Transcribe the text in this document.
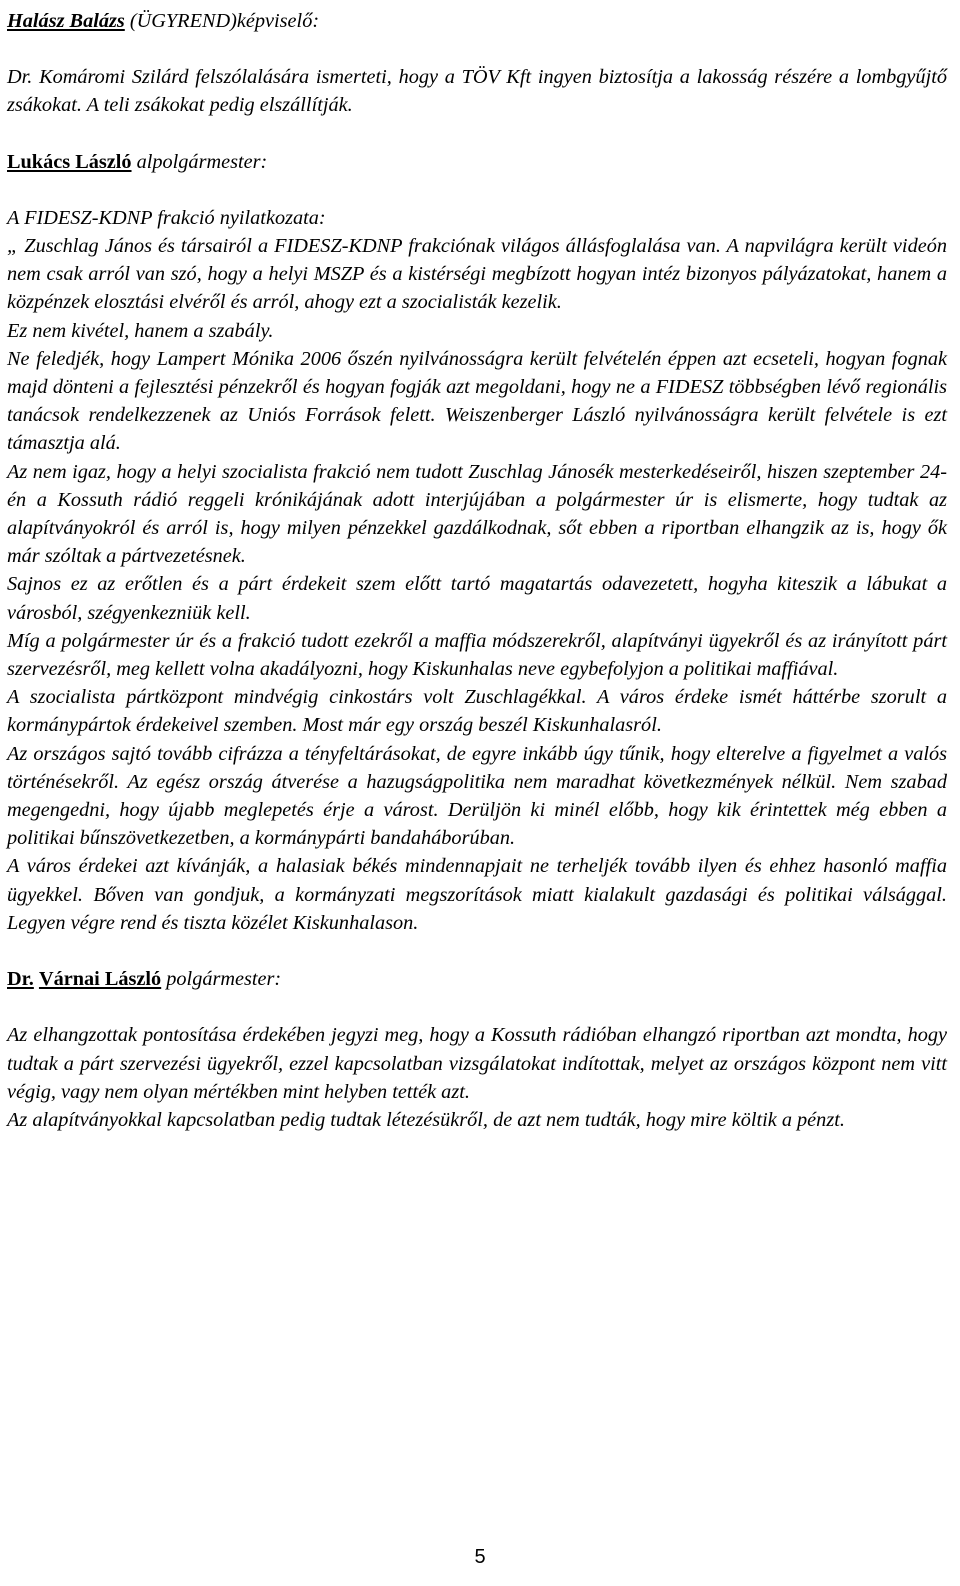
Halász Balázs (ÜGYREND)képviselő:

Dr. Komáromi Szilárd felszólalására ismerteti, hogy a TÖV Kft ingyen biztosítja a lakosság részére a lombgyűjtő zsákokat. A teli zsákokat pedig elszállítják.

Lukács László alpolgármester:

A FIDESZ-KDNP frakció nyilatkozata:

„ Zuschlag János és társairól a FIDESZ-KDNP frakciónak világos állásfoglalása van. A napvilágra került videón nem csak arról van szó, hogy a helyi MSZP és a kistérségi megbízott hogyan intéz bizonyos pályázatokat, hanem a közpénzek elosztási elvéről és arról, ahogy ezt a szocialisták kezelik.

Ez nem kivétel, hanem a szabály.

Ne feledjék, hogy Lampert Mónika 2006 őszén nyilvánosságra került felvételén éppen azt ecseteli, hogyan fognak majd dönteni a fejlesztési pénzekről és hogyan fogják azt megoldani, hogy ne a FIDESZ többségben lévő regionális tanácsok rendelkezzenek az Uniós Források felett. Weiszenberger László nyilvánosságra került felvétele is ezt támasztja alá.

Az nem igaz, hogy a helyi szocialista frakció nem tudott Zuschlag Jánosék mesterkedéseiről, hiszen szeptember 24-én a Kossuth rádió reggeli krónikájának adott interjújában a polgármester úr is elismerte, hogy tudtak az alapítványokról és arról is, hogy milyen pénzekkel gazdálkodnak, sőt ebben a riportban elhangzik az is, hogy ők már szóltak a pártvezetésnek.

Sajnos ez az erőtlen és a párt érdekeit szem előtt tartó magatartás odavezetett, hogyha kiteszik a lábukat a városból, szégyenkezniük kell.

Míg a polgármester úr és a frakció tudott ezekről a maffia módszerekről, alapítványi ügyekről és az irányított párt szervezésről, meg kellett volna akadályozni, hogy Kiskunhalas neve egybefolyjon a politikai maffiával.

A szocialista pártközpont mindvégig cinkostárs volt Zuschlagékkal. A város érdeke ismét háttérbe szorult a kormánypártok érdekeivel szemben. Most már egy ország beszél Kiskunhalasról.

Az országos sajtó tovább cifrázza a tényfeltárásokat, de egyre inkább úgy tűnik, hogy elterelve a figyelmet a valós történésekről. Az egész ország átverése a hazugságpolitika nem maradhat következmények nélkül. Nem szabad megengedni, hogy újabb meglepetés érje a várost. Derüljön ki minél előbb, hogy kik érintettek még ebben a politikai bűnszövetkezetben, a kormánypárti bandaháborúban.

A város érdekei azt kívánják, a halasiak békés mindennapjait ne terheljék tovább ilyen és ehhez hasonló maffia ügyekkel. Bőven van gondjuk, a kormányzati megszorítások miatt kialakult gazdasági és politikai válsággal. Legyen végre rend és tiszta közélet Kiskunhalason.

Dr. Várnai László polgármester:

Az elhangzottak pontosítása érdekében jegyzi meg, hogy a Kossuth rádióban elhangzó riportban azt mondta, hogy tudtak a párt szervezési ügyekről, ezzel kapcsolatban vizsgálatokat indítottak, melyet az országos központ nem vitt végig, vagy nem olyan mértékben mint helyben tették azt.

Az alapítványokkal kapcsolatban pedig tudtak létezésükről, de azt nem tudták, hogy mire költik a pénzt.

5
